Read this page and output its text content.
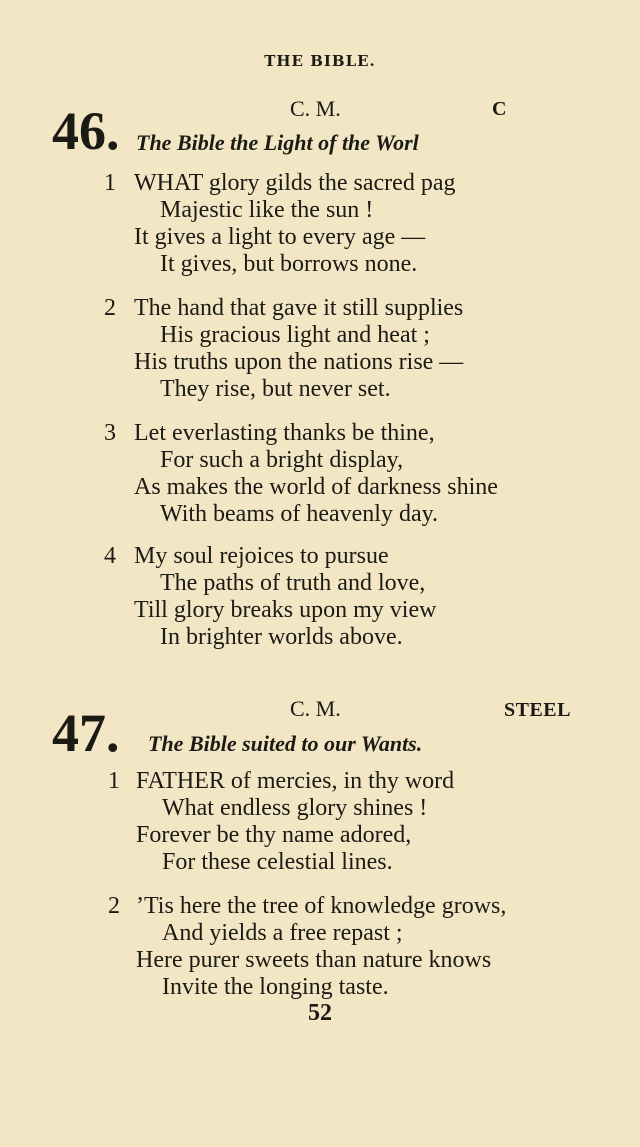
THE BIBLE.
46.	C. M.	C
The Bible the Light of the Worl
1 WHAT glory gilds the sacred pag
Majestic like the sun !
It gives a light to every age —
It gives, but borrows none.
2 The hand that gave it still supplies
His gracious light and heat ;
His truths upon the nations rise —
They rise, but never set.
3 Let everlasting thanks be thine,
For such a bright display,
As makes the world of darkness shine
With beams of heavenly day.
4 My soul rejoices to pursue
The paths of truth and love,
Till glory breaks upon my view
In brighter worlds above.
47.	C. M.	STEEL
The Bible suited to our Wants.
1 FATHER of mercies, in thy word
What endless glory shines !
Forever be thy name adored,
For these celestial lines.
2 ’Tis here the tree of knowledge grows,
And yields a free repast ;
Here purer sweets than nature knows
Invite the longing taste.
52
